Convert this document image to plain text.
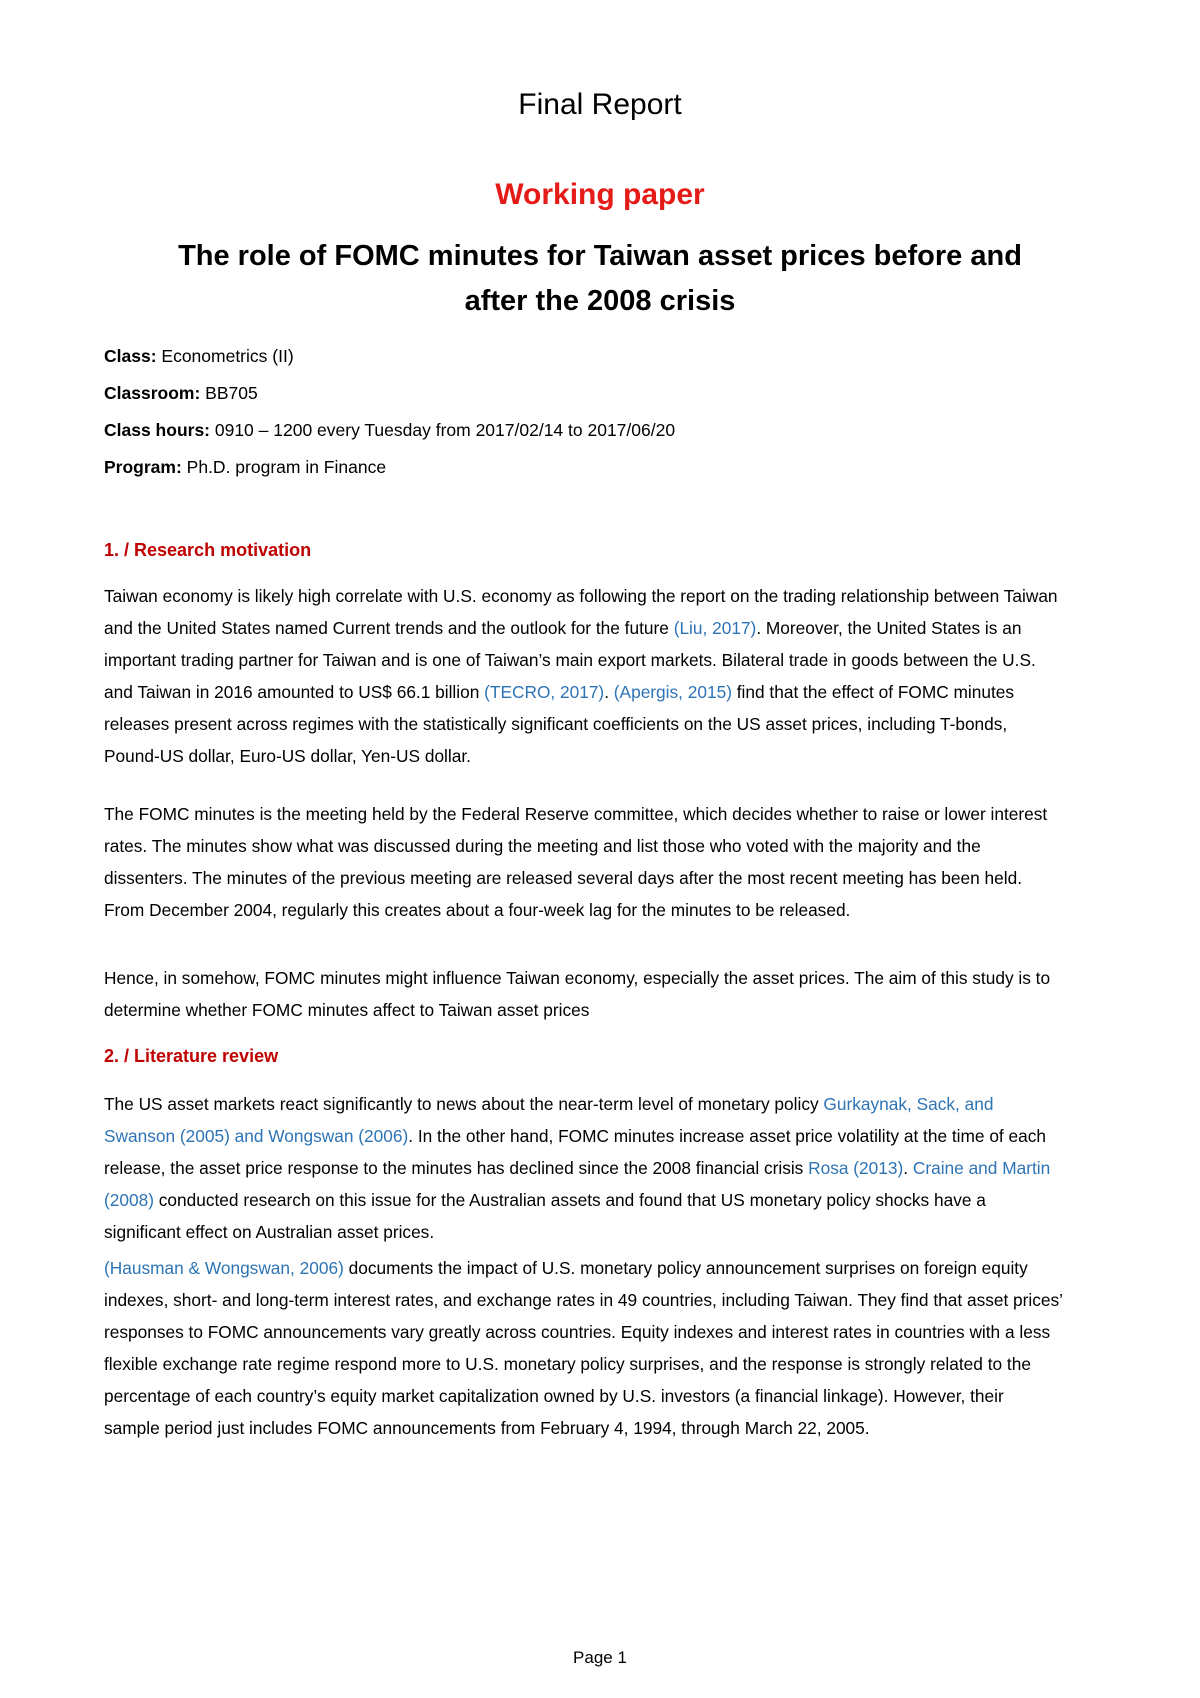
Final Report
Working paper
The role of FOMC minutes for Taiwan asset prices before and
after the 2008 crisis
Class: Econometrics (II)
Classroom: BB705
Class hours: 0910 – 1200 every Tuesday from 2017/02/14 to 2017/06/20
Program: Ph.D. program in Finance
1. / Research motivation
Taiwan economy is likely high correlate with U.S. economy as following the report on the trading relationship between Taiwan and the United States named Current trends and the outlook for the future (Liu, 2017). Moreover, the United States is an important trading partner for Taiwan and is one of Taiwan’s main export markets. Bilateral trade in goods between the U.S. and Taiwan in 2016 amounted to US$ 66.1 billion (TECRO, 2017). (Apergis, 2015) find that the effect of FOMC minutes releases present across regimes with the statistically significant coefficients on the US asset prices, including T-bonds, Pound-US dollar, Euro-US dollar, Yen-US dollar.
The FOMC minutes is the meeting held by the Federal Reserve committee, which decides whether to raise or lower interest rates. The minutes show what was discussed during the meeting and list those who voted with the majority and the dissenters. The minutes of the previous meeting are released several days after the most recent meeting has been held. From December 2004, regularly this creates about a four-week lag for the minutes to be released.
Hence, in somehow, FOMC minutes might influence Taiwan economy, especially the asset prices. The aim of this study is to determine whether FOMC minutes affect to Taiwan asset prices
2. / Literature review
The US asset markets react significantly to news about the near-term level of monetary policy Gurkaynak, Sack, and Swanson (2005) and Wongswan (2006). In the other hand, FOMC minutes increase asset price volatility at the time of each release, the asset price response to the minutes has declined since the 2008 financial crisis Rosa (2013). Craine and Martin (2008) conducted research on this issue for the Australian assets and found that US monetary policy shocks have a significant effect on Australian asset prices.
(Hausman & Wongswan, 2006) documents the impact of U.S. monetary policy announcement surprises on foreign equity indexes, short- and long-term interest rates, and exchange rates in 49 countries, including Taiwan. They find that asset prices’ responses to FOMC announcements vary greatly across countries. Equity indexes and interest rates in countries with a less flexible exchange rate regime respond more to U.S. monetary policy surprises, and the response is strongly related to the percentage of each country’s equity market capitalization owned by U.S. investors (a financial linkage). However, their sample period just includes FOMC announcements from February 4, 1994, through March 22, 2005.
Page 1
